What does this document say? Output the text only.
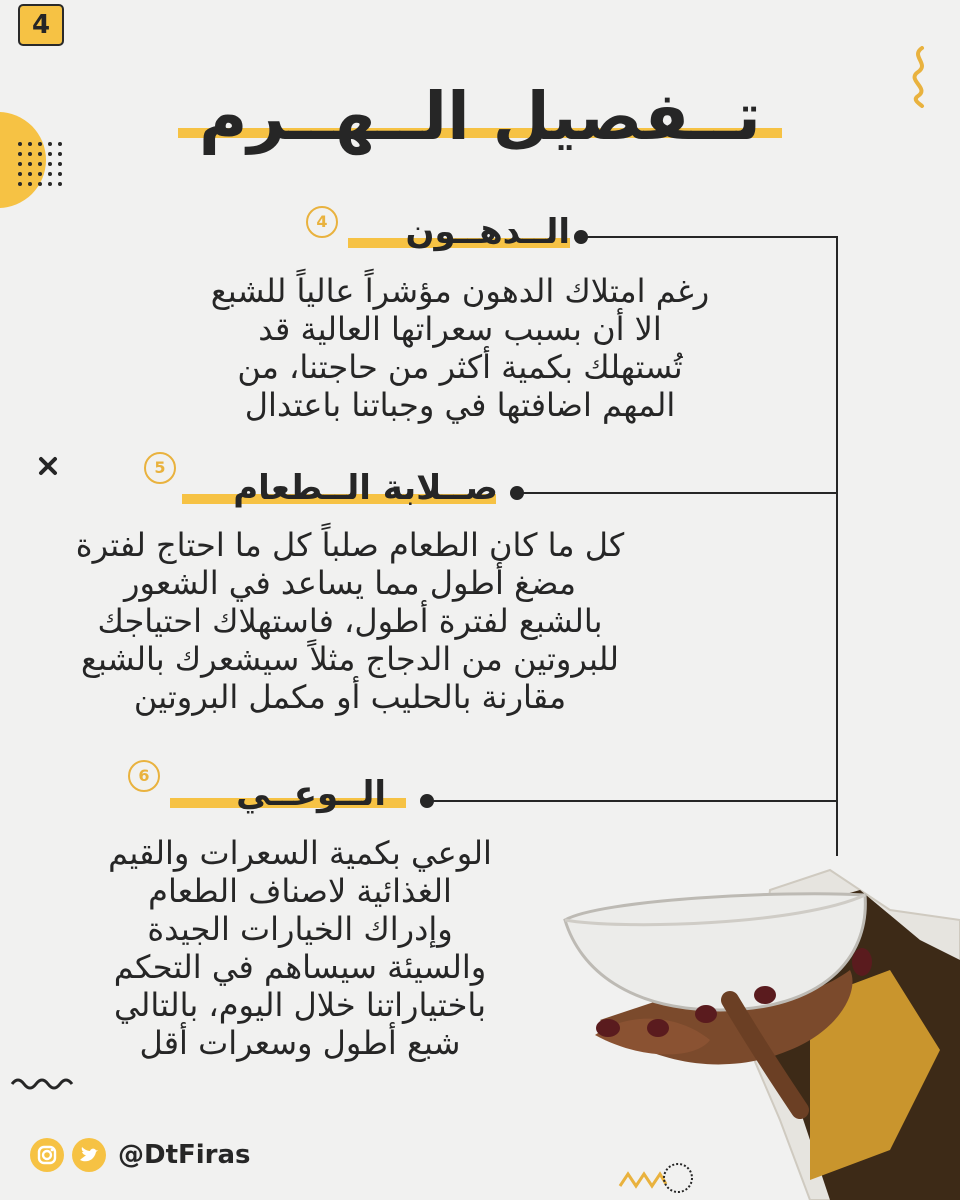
4
تــفصيل الــهــرم
4	الــدهــون
رغم امتلاك الدهون مؤشراً عالياً للشبع
الا أن بسبب سعراتها العالية قد
تُستهلك بكمية أكثر من حاجتنا، من
المهم اضافتها في وجباتنا باعتدال
5
صــلابة الــطعام
كل ما كان الطعام صلباً كل ما احتاج لفترة
مضغ أطول مما يساعد في الشعور
بالشبع لفترة أطول، فاستهلاك احتياجك
للبروتين من الدجاج مثلاً سيشعرك بالشبع
مقارنة بالحليب أو مكمل البروتين
6	الــوعــي
الوعي بكمية السعرات والقيم
الغذائية لاصناف الطعام
وإدراك الخيارات الجيدة
والسيئة سيساهم في التحكم
باختياراتنا خلال اليوم، بالتالي
شبع أطول وسعرات أقل
@DtFiras
